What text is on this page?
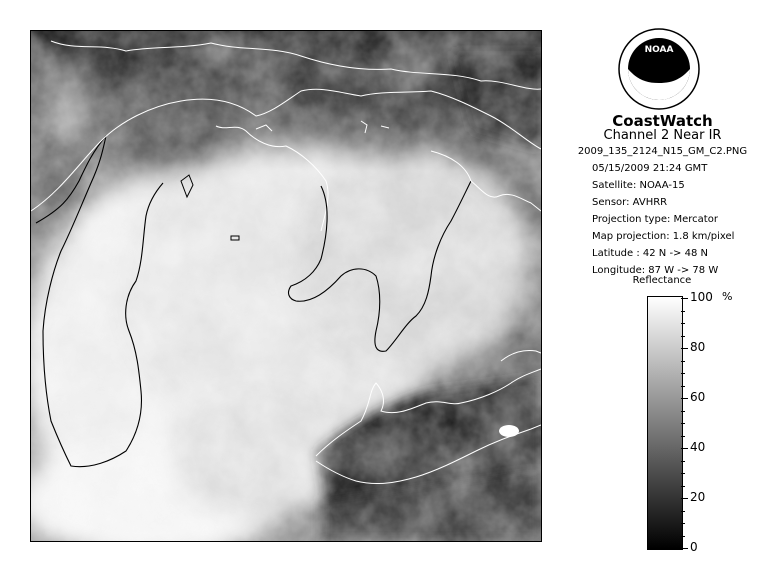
NOAA
CoastWatch
Channel 2 Near IR
2009_135_2124_N15_GM_C2.PNG
05/15/2009 21:24 GMT
Satellite: NOAA-15
Sensor: AVHRR
Projection type: Mercator
Map projection: 1.8 km/pixel
Latitude : 42 N -> 48 N
Longitude: 87 W -> 78 W
Reflectance
%
100
80
60
40
20
0
